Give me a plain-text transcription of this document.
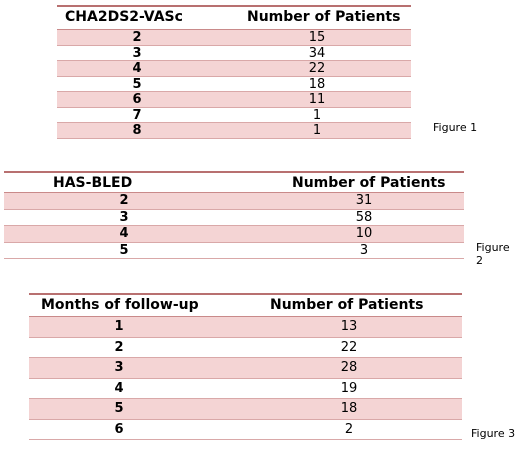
CHA2DS2-VASc	Number of Patients
2	15
3	34
4	22
5	18
6	11
7	1
8	1	Figure 1
HAS-BLED	Number of Patients
2	31
3	58
4	10
5	3	Figure 2
Months of follow-up	Number of Patients
1	13
2	22
3	28
4	19
5	18
6	2	Figure 3
